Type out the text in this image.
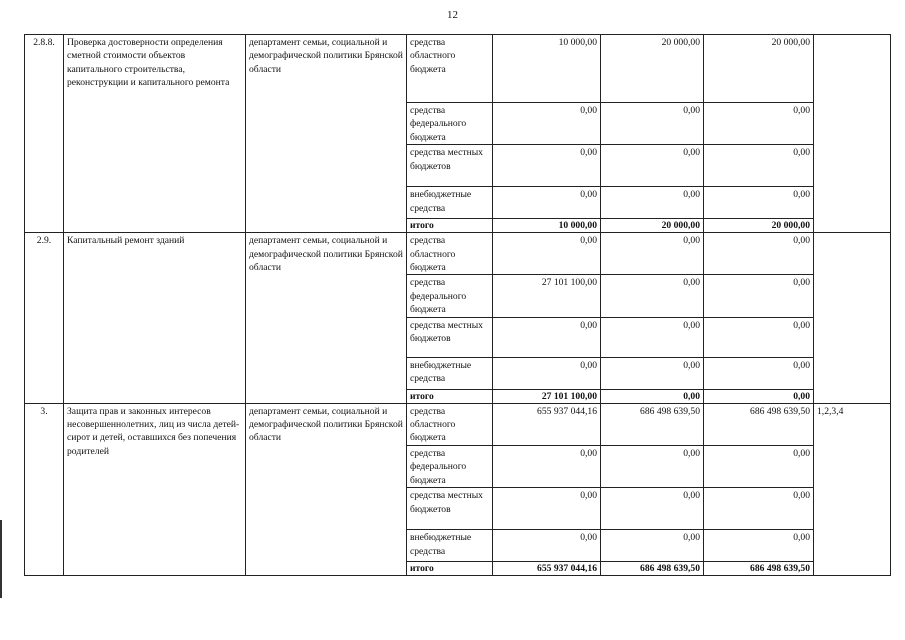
12
2.8.8.	Проверка достоверности определения сметной стоимости объектов капитального строительства, реконструкции и капитального ремонта	департамент семьи, социальной и демографической политики Брянской области	средства областного бюджета	10 000,00	20 000,00	20 000,00	
			средства федерального бюджета	0,00	0,00	0,00	
			средства местных бюджетов	0,00	0,00	0,00	
			внебюджетные средства	0,00	0,00	0,00	
			итого	10 000,00	20 000,00	20 000,00	
2.9.	Капитальный ремонт зданий	департамент семьи, социальной и демографической политики Брянской области	средства областного бюджета	0,00	0,00	0,00	
			средства федерального бюджета	27 101 100,00	0,00	0,00	
			средства местных бюджетов	0,00	0,00	0,00	
			внебюджетные средства	0,00	0,00	0,00	
			итого	27 101 100,00	0,00	0,00	
3.	Защита прав и законных интересов несовершеннолетних, лиц из числа детей-сирот и детей, оставшихся без попечения родителей	департамент семьи, социальной и демографической политики Брянской области	средства областного бюджета	655 937 044,16	686 498 639,50	686 498 639,50	1,2,3,4
			средства федерального бюджета	0,00	0,00	0,00	
			средства местных бюджетов	0,00	0,00	0,00	
			внебюджетные средства	0,00	0,00	0,00	
			итого	655 937 044,16	686 498 639,50	686 498 639,50	
